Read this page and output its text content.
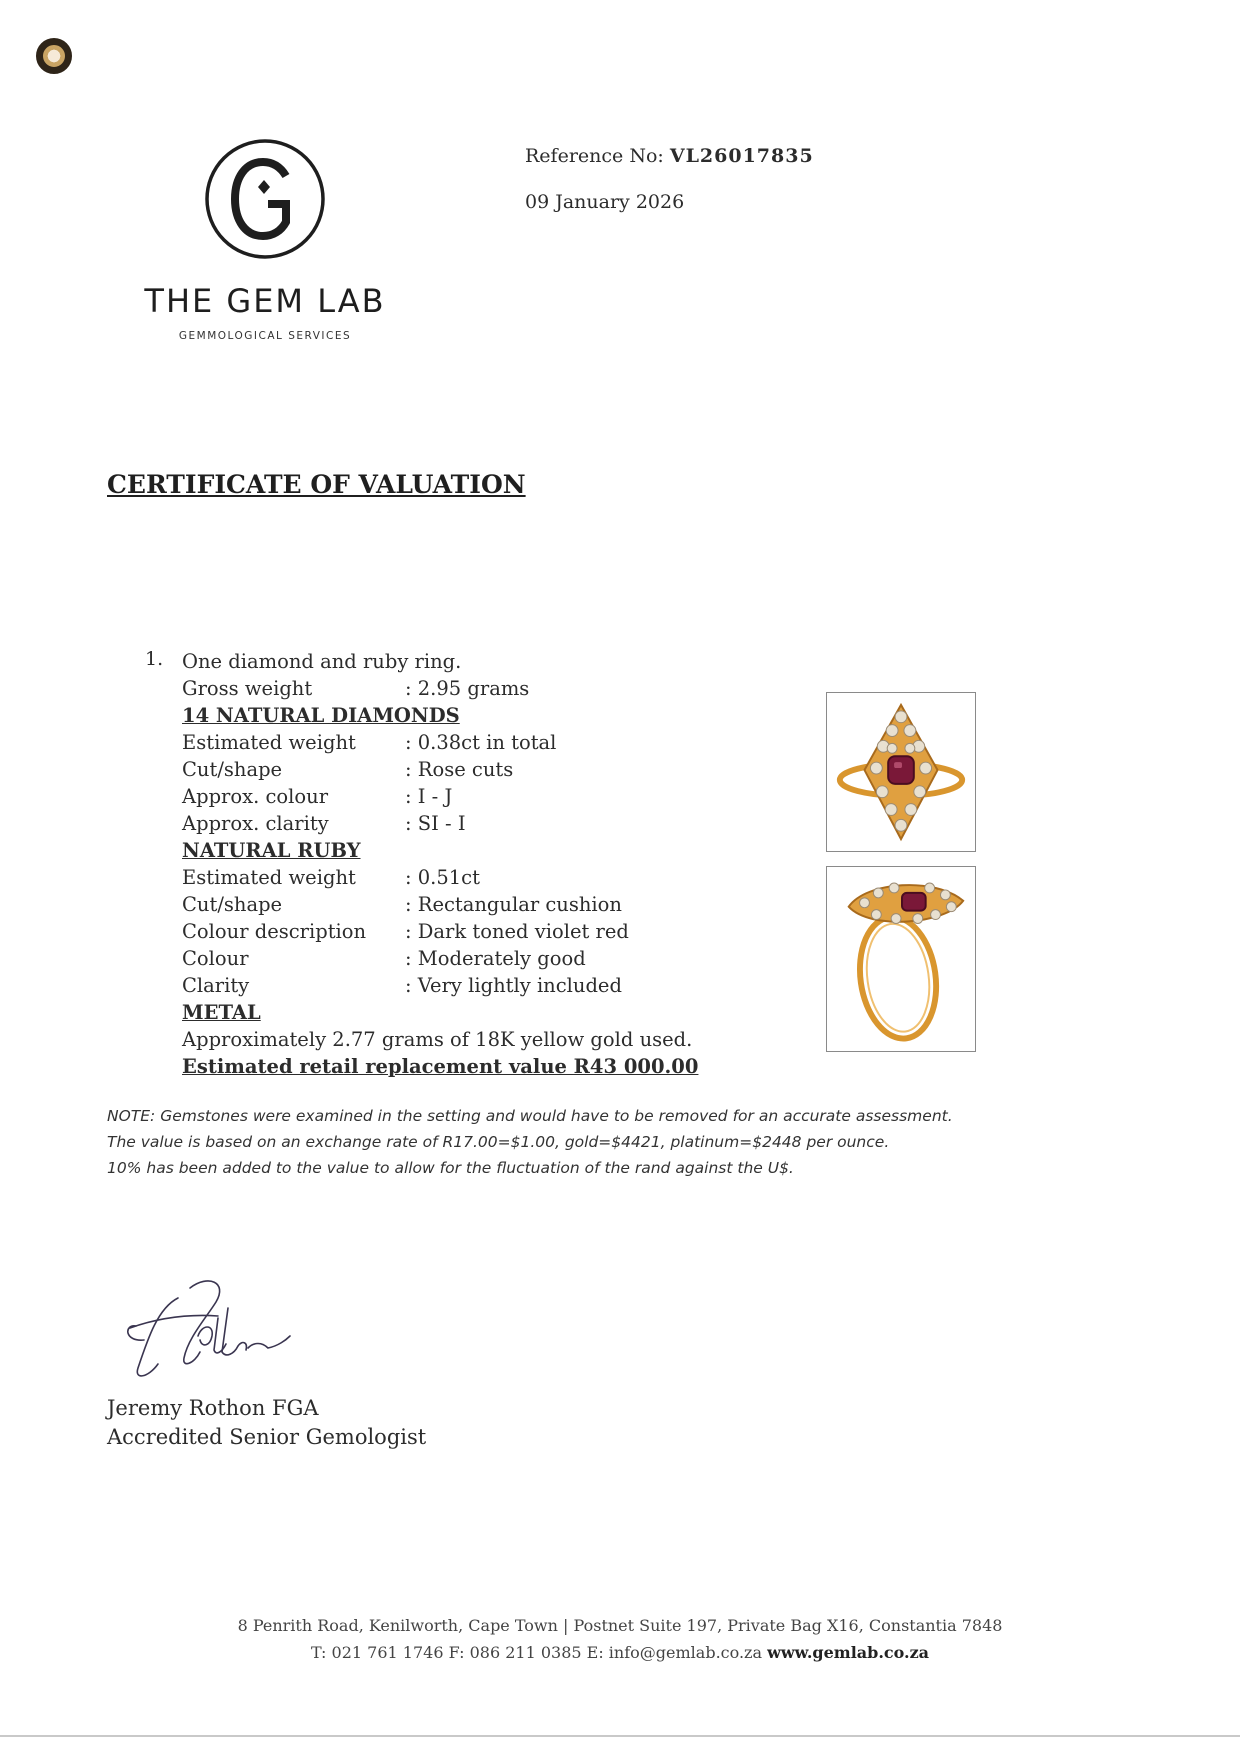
THE GEM LAB
GEMMOLOGICAL SERVICES
Reference No: VL26017835
09 January 2026
CERTIFICATE OF VALUATION
1. One diamond and ruby ring.
Gross weight	: 2.95 grams
14 NATURAL DIAMONDS
Estimated weight	: 0.38ct in total
Cut/shape	: Rose cuts
Approx. colour	: I - J
Approx. clarity	: SI - I
NATURAL RUBY
Estimated weight	: 0.51ct
Cut/shape	: Rectangular cushion
Colour description	: Dark toned violet red
Colour	: Moderately good
Clarity	: Very lightly included
METAL
Approximately 2.77 grams of 18K yellow gold used.
Estimated retail replacement value R43 000.00
NOTE: Gemstones were examined in the setting and would have to be removed for an accurate assessment.
The value is based on an exchange rate of R17.00=$1.00, gold=$4421, platinum=$2448 per ounce.
10% has been added to the value to allow for the fluctuation of the rand against the U$.
Jeremy Rothon FGA
Accredited Senior Gemologist
8 Penrith Road, Kenilworth, Cape Town | Postnet Suite 197, Private Bag X16, Constantia 7848
T: 021 761 1746 F: 086 211 0385 E: info@gemlab.co.za www.gemlab.co.za
